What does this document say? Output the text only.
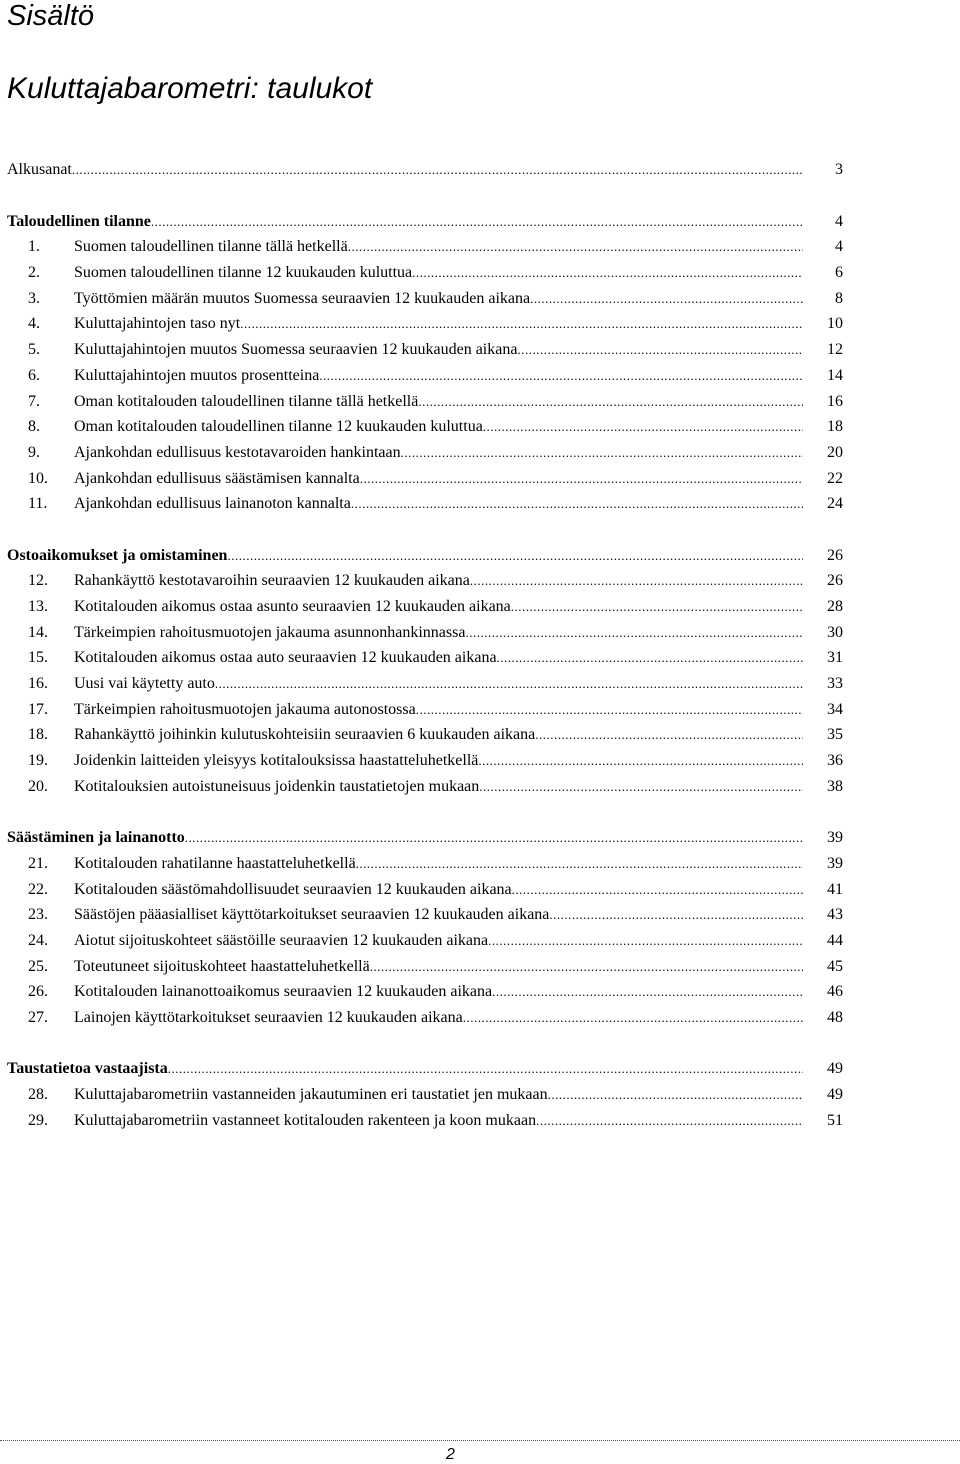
Sisältö
Kuluttajabarometri: taulukot
Alkusanat .....	3
Taloudellinen tilanne .....	4
1.	Suomen taloudellinen tilanne tällä hetkellä .....	4
2.	Suomen taloudellinen tilanne 12 kuukauden kuluttua .....	6
3.	Työttömien määrän muutos Suomessa seuraavien 12 kuukauden aikana .....	8
4.	Kuluttajahintojen taso nyt .....	10
5.	Kuluttajahintojen muutos Suomessa seuraavien 12 kuukauden aikana .....	12
6.	Kuluttajahintojen muutos prosentteina .....	14
7.	Oman kotitalouden taloudellinen tilanne tällä hetkellä .....	16
8.	Oman kotitalouden taloudellinen tilanne 12 kuukauden kuluttua .....	18
9.	Ajankohdan edullisuus kestotavaroiden hankintaan .....	20
10.	Ajankohdan edullisuus säästämisen kannalta .....	22
11.	Ajankohdan edullisuus lainanoton kannalta .....	24
Ostoaikomukset ja omistaminen .....	26
12.	Rahankäyttö kestotavaroihin seuraavien 12 kuukauden aikana .....	26
13.	Kotitalouden aikomus ostaa asunto seuraavien 12 kuukauden aikana .....	28
14.	Tärkeimpien rahoitusmuotojen jakauma asunnonhankinnassa .....	30
15.	Kotitalouden aikomus ostaa auto seuraavien 12 kuukauden aikana .....	31
16.	Uusi vai käytetty auto .....	33
17.	Tärkeimpien rahoitusmuotojen jakauma autonostossa .....	34
18.	Rahankäyttö joihinkin kulutuskohteisiin seuraavien 6 kuukauden aikana .....	35
19.	Joidenkin laitteiden yleisyys kotitalouksissa haastatteluhetkellä .....	36
20.	Kotitalouksien autoistuneisuus joidenkin taustatietojen mukaan .....	38
Säästäminen ja lainanotto .....	39
21.	Kotitalouden rahatilanne haastatteluhetkellä .....	39
22.	Kotitalouden säästömahdollisuudet seuraavien 12 kuukauden aikana .....	41
23.	Säästöjen pääasialliset käyttötarkoitukset seuraavien 12 kuukauden aikana .....	43
24.	Aiotut sijoituskohteet säästöille seuraavien 12 kuukauden aikana .....	44
25.	Toteutuneet sijoituskohteet haastatteluhetkellä .....	45
26.	Kotitalouden lainanottoaikomus seuraavien 12 kuukauden aikana .....	46
27.	Lainojen käyttötarkoitukset seuraavien 12 kuukauden aikana .....	48
Taustatietoa vastaajista .....	49
28.	Kuluttajabarometriin vastanneiden jakautuminen eri taustatiet jen mukaan .....	49
29.	Kuluttajabarometriin vastanneet kotitalouden rakenteen ja koon mukaan .....	51
2
